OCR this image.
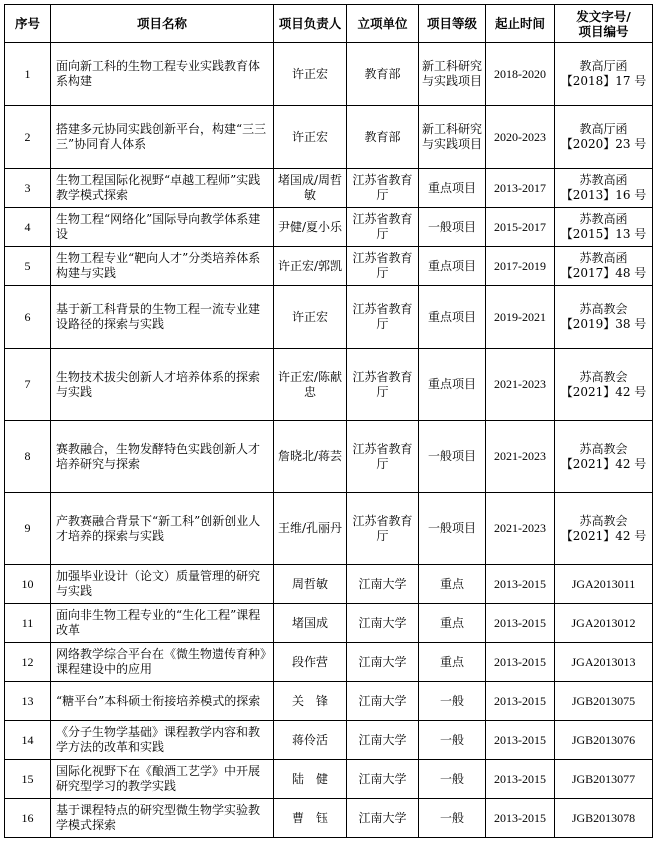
序号	项目名称	项目负责人	立项单位	项目等级	起止时间	发文字号/
项目编号

1	面向新工科的生物工程专业实践教育体系构建	许正宏	教育部	新工科研究与实践项目	2018-2020	教高厅函
【2018】17 号

2	搭建多元协同实践创新平台，构建“三三三”协同育人体系	许正宏	教育部	新工科研究与实践项目	2020-2023	教高厅函
【2020】23 号

3	生物工程国际化视野“卓越工程师”实践教学模式探索	堵国成/周哲敏	江苏省教育厅	重点项目	2013-2017	苏教高函
【2013】16 号

4	生物工程“网络化”国际导向教学体系建设	尹健/夏小乐	江苏省教育厅	一般项目	2015-2017	苏教高函
【2015】13 号

5	生物工程专业“靶向人才”分类培养体系构建与实践	许正宏/郭凯	江苏省教育厅	重点项目	2017-2019	苏教高函
【2017】48 号

6	基于新工科背景的生物工程一流专业建设路径的探索与实践	许正宏	江苏省教育厅	重点项目	2019-2021	苏高教会
【2019】38 号

7	生物技术拔尖创新人才培养体系的探索与实践	许正宏/陈献忠	江苏省教育厅	重点项目	2021-2023	苏高教会
【2021】42 号

8	赛教融合，生物发酵特色实践创新人才培养研究与探索	詹晓北/蒋芸	江苏省教育厅	一般项目	2021-2023	苏高教会
【2021】42 号

9	产教赛融合背景下“新工科”创新创业人才培养的探索与实践	王维/孔丽丹	江苏省教育厅	一般项目	2021-2023	苏高教会
【2021】42 号

10	加强毕业设计（论文）质量管理的研究与实践	周哲敏	江南大学	重点	2013-2015	JGA2013011

11	面向非生物工程专业的“生化工程”课程改革	堵国成	江南大学	重点	2013-2015	JGA2013012

12	网络教学综合平台在《微生物遗传育种》课程建设中的应用	段作营	江南大学	重点	2013-2015	JGA2013013

13	“糖平台”本科硕士衔接培养模式的探索	关　锋	江南大学	一般	2013-2015	JGB2013075

14	《分子生物学基础》课程教学内容和教学方法的改革和实践	蒋伶活	江南大学	一般	2013-2015	JGB2013076

15	国际化视野下在《酿酒工艺学》中开展研究型学习的教学实践	陆　健	江南大学	一般	2013-2015	JGB2013077

16	基于课程特点的研究型微生物学实验教学模式探索	曹　钰	江南大学	一般	2013-2015	JGB2013078
